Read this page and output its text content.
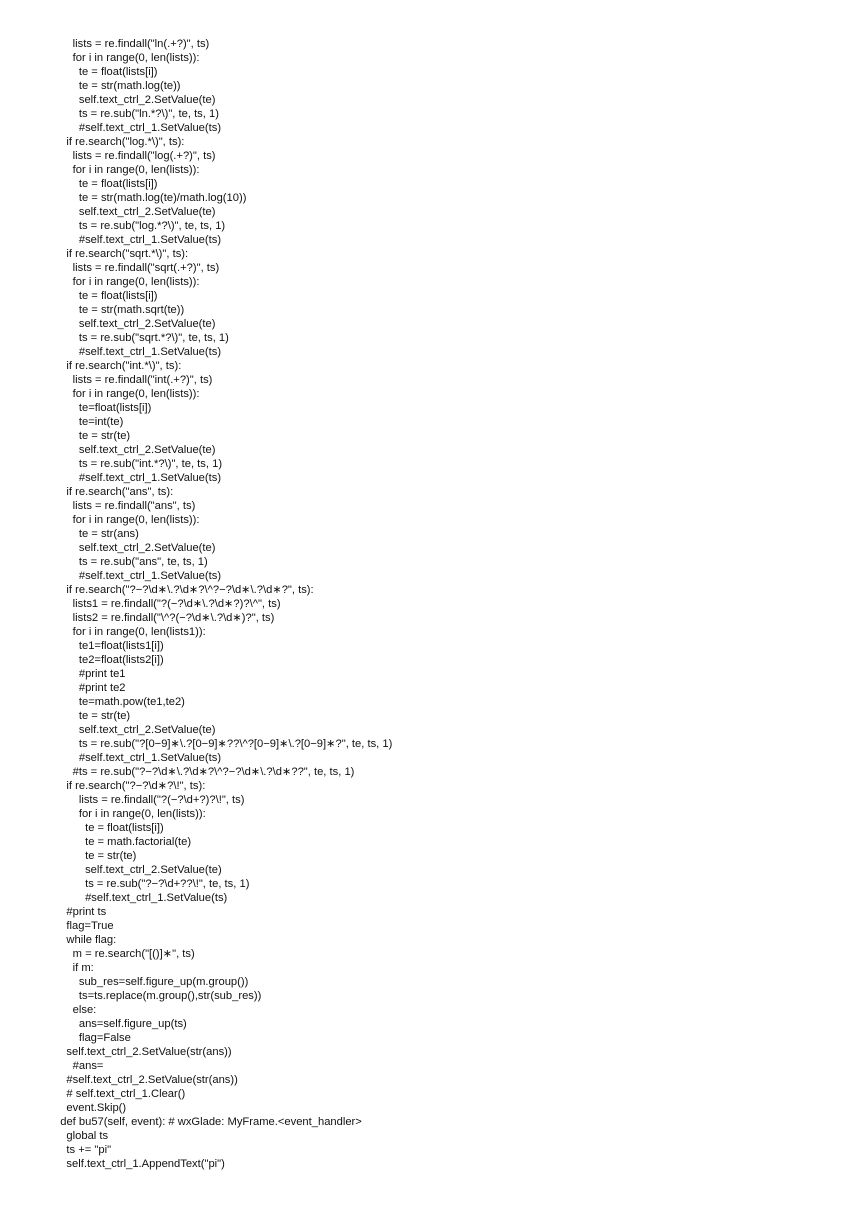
lists = re.findall("ln(.+?)", ts)
for i in range(0, len(lists)):
te = float(lists[i])
te = str(math.log(te))
self.text_ctrl_2.SetValue(te)
ts = re.sub("ln.*?\)", te, ts, 1)
#self.text_ctrl_1.SetValue(ts)
if re.search("log.*\)", ts):
lists = re.findall("log(.+?)", ts)
for i in range(0, len(lists)):
te = float(lists[i])
te = str(math.log(te)/math.log(10))
self.text_ctrl_2.SetValue(te)
ts = re.sub("log.*?\)", te, ts, 1)
#self.text_ctrl_1.SetValue(ts)
if re.search("sqrt.*\)", ts):
lists = re.findall("sqrt(.+?)", ts)
for i in range(0, len(lists)):
te = float(lists[i])
te = str(math.sqrt(te))
self.text_ctrl_2.SetValue(te)
ts = re.sub("sqrt.*?\)", te, ts, 1)
#self.text_ctrl_1.SetValue(ts)
if re.search("int.*\)", ts):
lists = re.findall("int(.+?)", ts)
for i in range(0, len(lists)):
te=float(lists[i])
te=int(te)
te = str(te)
self.text_ctrl_2.SetValue(te)
ts = re.sub("int.*?\)", te, ts, 1)
#self.text_ctrl_1.SetValue(ts)
if re.search("ans", ts):
lists = re.findall("ans", ts)
for i in range(0, len(lists)):
te = str(ans)
self.text_ctrl_2.SetValue(te)
ts = re.sub("ans", te, ts, 1)
#self.text_ctrl_1.SetValue(ts)
if re.search("?−?\d∗\.?\d∗?\^?−?\d∗\.?\d∗?", ts):
lists1 = re.findall("?(−?\d∗\.?\d∗?)?\^", ts)
lists2 = re.findall("\^?(−?\d∗\.?\d∗)?", ts)
for i in range(0, len(lists1)):
te1=float(lists1[i])
te2=float(lists2[i])
#print te1
#print te2
te=math.pow(te1,te2)
te = str(te)
self.text_ctrl_2.SetValue(te)
ts = re.sub("?[0−9]∗\.?[0−9]∗??\^?[0−9]∗\.?[0−9]∗?", te, ts, 1)
#self.text_ctrl_1.SetValue(ts)
#ts = re.sub("?−?\d∗\.?\d∗?\^?−?\d∗\.?\d∗??", te, ts, 1)
if re.search("?−?\d∗?\!", ts):
lists = re.findall("?(−?\d+?)?\!", ts)
for i in range(0, len(lists)):
te = float(lists[i])
te = math.factorial(te)
te = str(te)
self.text_ctrl_2.SetValue(te)
ts = re.sub("?−?\d+??\!", te, ts, 1)
#self.text_ctrl_1.SetValue(ts)
#print ts
flag=True
while flag:
m = re.search("[()]∗", ts)
if m:
sub_res=self.figure_up(m.group())
ts=ts.replace(m.group(),str(sub_res))
else:
ans=self.figure_up(ts)
flag=False
self.text_ctrl_2.SetValue(str(ans))
#ans=
#self.text_ctrl_2.SetValue(str(ans))
# self.text_ctrl_1.Clear()
event.Skip()
def bu57(self, event): # wxGlade: MyFrame.<event_handler>
global ts
ts += "pi"
self.text_ctrl_1.AppendText("pi")
